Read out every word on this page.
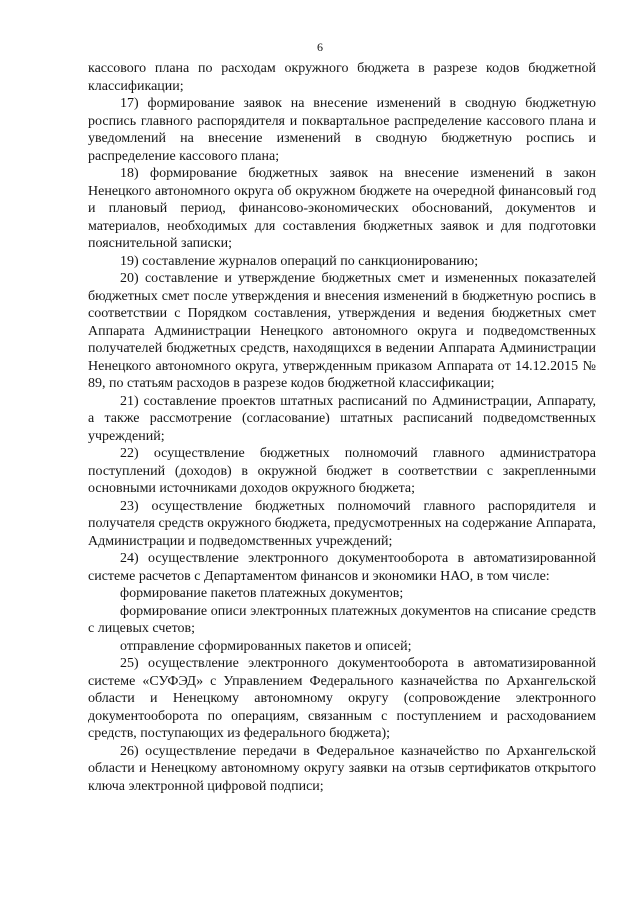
6

кассового плана по расходам окружного бюджета в разрезе кодов бюджетной классификации;

17) формирование заявок на внесение изменений в сводную бюджетную роспись главного распорядителя и поквартальное распределение кассового плана и уведомлений на внесение изменений в сводную бюджетную роспись и распределение кассового плана;

18) формирование бюджетных заявок на внесение изменений в закон Ненецкого автономного округа об окружном бюджете на очередной финансовый год и плановый период, финансово-экономических обоснований, документов и материалов, необходимых для составления бюджетных заявок и для подготовки пояснительной записки;

19) составление журналов операций по санкционированию;

20) составление и утверждение бюджетных смет и измененных показателей бюджетных смет после утверждения и внесения изменений в бюджетную роспись в соответствии с Порядком составления, утверждения и ведения бюджетных смет Аппарата Администрации Ненецкого автономного округа и подведомственных получателей бюджетных средств, находящихся в ведении Аппарата Администрации Ненецкого автономного округа, утвержденным приказом Аппарата от 14.12.2015 № 89, по статьям расходов в разрезе кодов бюджетной классификации;

21) составление проектов штатных расписаний по Администрации, Аппарату, а также рассмотрение (согласование) штатных расписаний подведомственных учреждений;

22) осуществление бюджетных полномочий главного администратора поступлений (доходов) в окружной бюджет в соответствии с закрепленными основными источниками доходов окружного бюджета;

23) осуществление бюджетных полномочий главного распорядителя и получателя средств окружного бюджета, предусмотренных на содержание Аппарата, Администрации и подведомственных учреждений;

24) осуществление электронного документооборота в автоматизированной системе расчетов с Департаментом финансов и экономики НАО, в том числе:

формирование пакетов платежных документов;

формирование описи электронных платежных документов на списание средств с лицевых счетов;

отправление сформированных пакетов и описей;

25) осуществление электронного документооборота в автоматизированной системе «СУФЭД» с Управлением Федерального казначейства по Архангельской области и Ненецкому автономному округу (сопровождение электронного документооборота по операциям, связанным с поступлением и расходованием средств, поступающих из федерального бюджета);

26) осуществление передачи в Федеральное казначейство по Архангельской области и Ненецкому автономному округу заявки на отзыв сертификатов открытого ключа электронной цифровой подписи;
